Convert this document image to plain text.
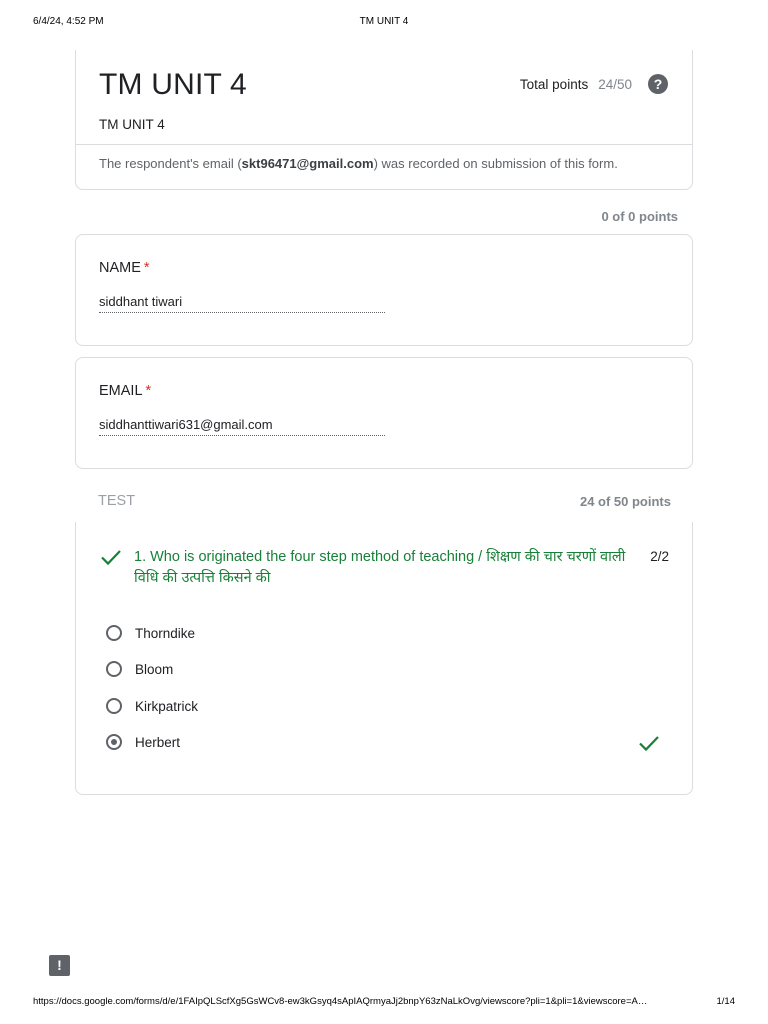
6/4/24, 4:52 PM	TM UNIT 4
TM UNIT 4	Total points 24/50	?
TM UNIT 4
The respondent's email (skt96471@gmail.com) was recorded on submission of this form.
0 of 0 points
NAME *
siddhant tiwari
EMAIL *
siddhanttiwari631@gmail.com
TEST	24 of 50 points
1. Who is originated the four step method of teaching / शिक्षण की चार चरणों वाली विधि की उत्पत्ति किसने की
2/2
Thorndike
Bloom
Kirkpatrick
Herbert
!
https://docs.google.com/forms/d/e/1FAIpQLScfXg5GsWCv8-ew3kGsyq4sApIAQrmyaJj2bnpY63zNaLkOvg/viewscore?pli=1&pli=1&viewscore=A…	1/14
